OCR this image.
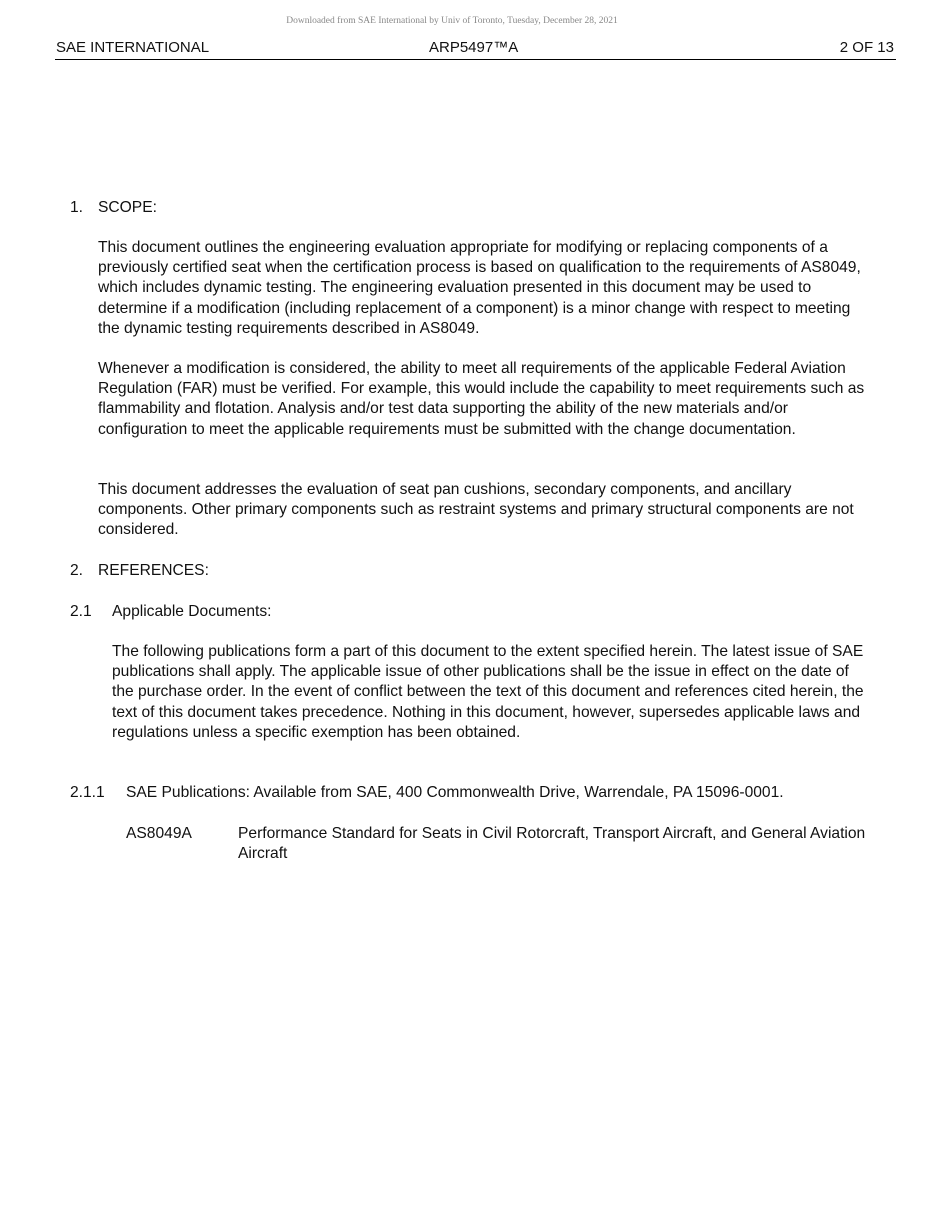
Downloaded from SAE International by Univ of Toronto, Tuesday, December 28, 2021
SAE INTERNATIONAL	ARP5497™A	2 OF 13
1. SCOPE:

This document outlines the engineering evaluation appropriate for modifying or replacing components of a previously certified seat when the certification process is based on qualification to the requirements of AS8049, which includes dynamic testing. The engineering evaluation presented in this document may be used to determine if a modification (including replacement of a component) is a minor change with respect to meeting the dynamic testing requirements described in AS8049.

Whenever a modification is considered, the ability to meet all requirements of the applicable Federal Aviation Regulation (FAR) must be verified. For example, this would include the capability to meet requirements such as flammability and flotation. Analysis and/or test data supporting the ability of the new materials and/or configuration to meet the applicable requirements must be submitted with the change documentation.

This document addresses the evaluation of seat pan cushions, secondary components, and ancillary components. Other primary components such as restraint systems and primary structural components are not considered.

2. REFERENCES:
2.1 Applicable Documents:

The following publications form a part of this document to the extent specified herein. The latest issue of SAE publications shall apply. The applicable issue of other publications shall be the issue in effect on the date of the purchase order. In the event of conflict between the text of this document and references cited herein, the text of this document takes precedence. Nothing in this document, however, supersedes applicable laws and regulations unless a specific exemption has been obtained.

2.1.1 SAE Publications: Available from SAE, 400 Commonwealth Drive, Warrendale, PA 15096-0001.
AS8049A	Performance Standard for Seats in Civil Rotorcraft, Transport Aircraft, and General Aviation Aircraft
